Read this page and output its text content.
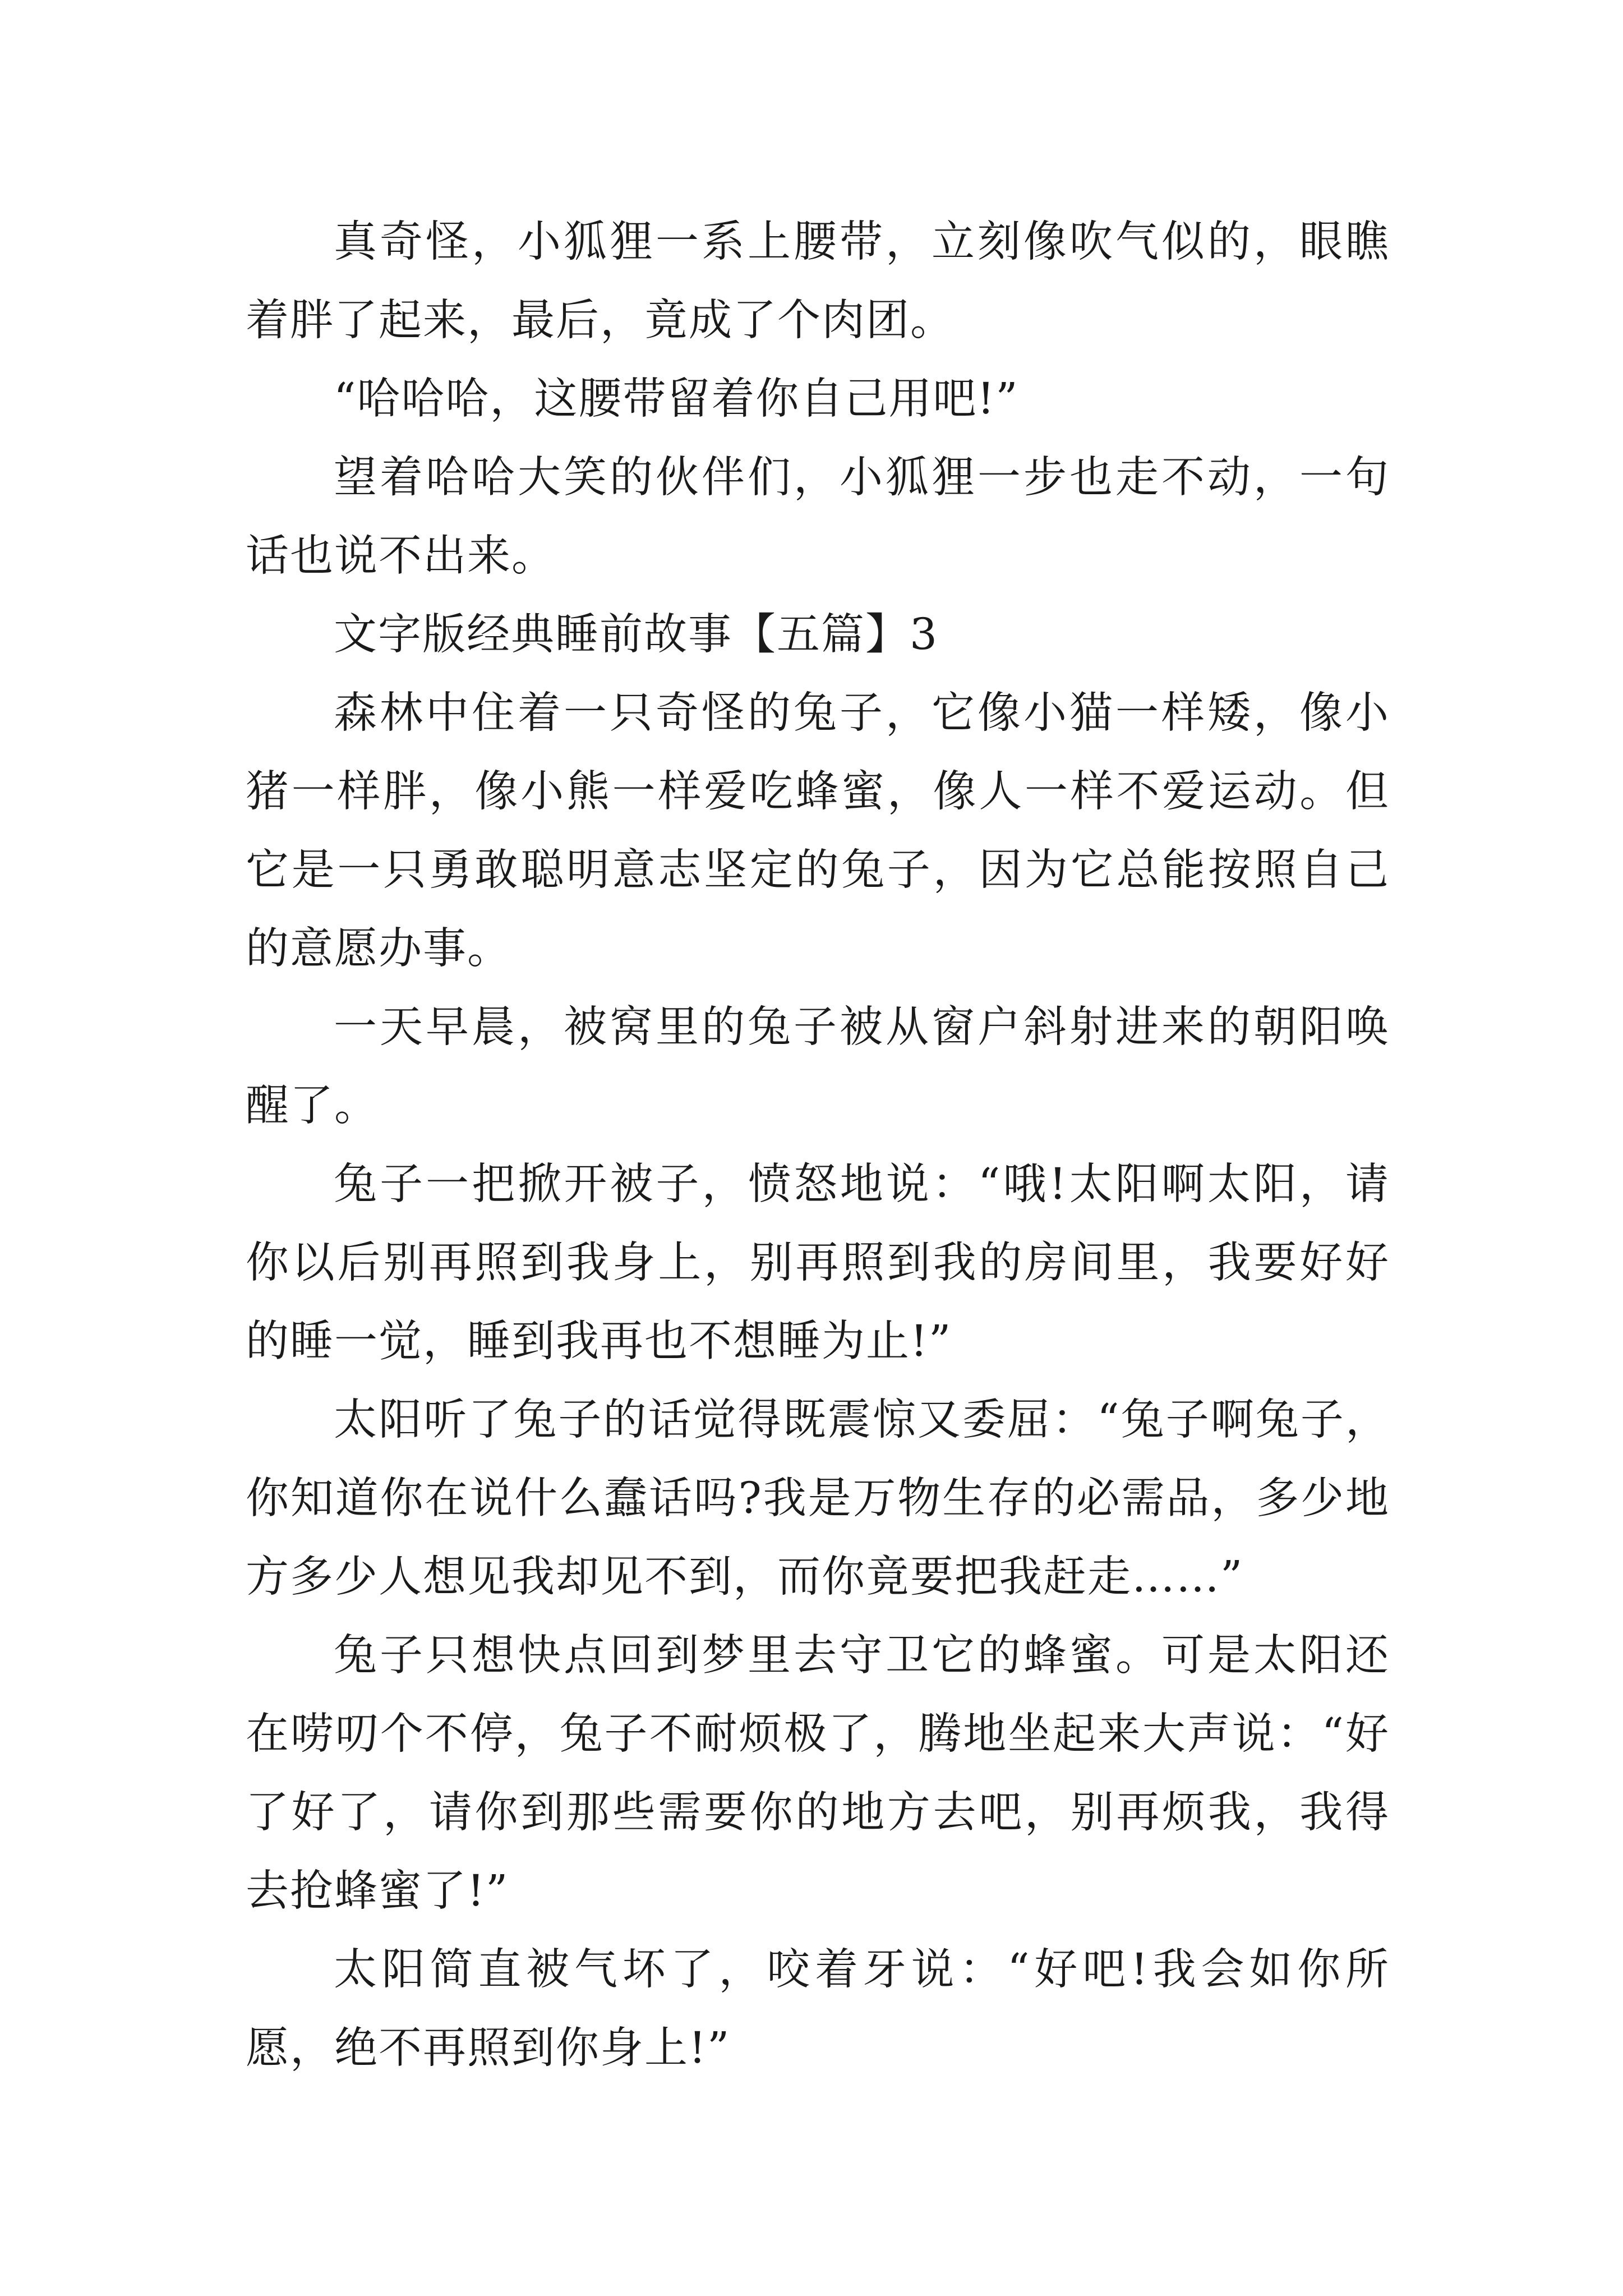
真奇怪，小狐狸一系上腰带，立刻像吹气似的，眼瞧着胖了起来，最后，竟成了个肉团。

“哈哈哈，这腰带留着你自己用吧!”

望着哈哈大笑的伙伴们，小狐狸一步也走不动，一句话也说不出来。

文字版经典睡前故事【五篇】3

森林中住着一只奇怪的兔子，它像小猫一样矮，像小猪一样胖，像小熊一样爱吃蜂蜜，像人一样不爱运动。但它是一只勇敢聪明意志坚定的兔子，因为它总能按照自己的意愿办事。

一天早晨，被窝里的兔子被从窗户斜射进来的朝阳唤醒了。

兔子一把掀开被子，愤怒地说：“哦!太阳啊太阳，请你以后别再照到我身上，别再照到我的房间里，我要好好的睡一觉，睡到我再也不想睡为止!”

太阳听了兔子的话觉得既震惊又委屈：“兔子啊兔子，你知道你在说什么蠢话吗?我是万物生存的必需品，多少地方多少人想见我却见不到，而你竟要把我赶走……”

兔子只想快点回到梦里去守卫它的蜂蜜。可是太阳还在唠叨个不停，兔子不耐烦极了，腾地坐起来大声说：“好了好了，请你到那些需要你的地方去吧，别再烦我，我得去抢蜂蜜了!”

太阳简直被气坏了，咬着牙说：“好吧!我会如你所愿，绝不再照到你身上!”
